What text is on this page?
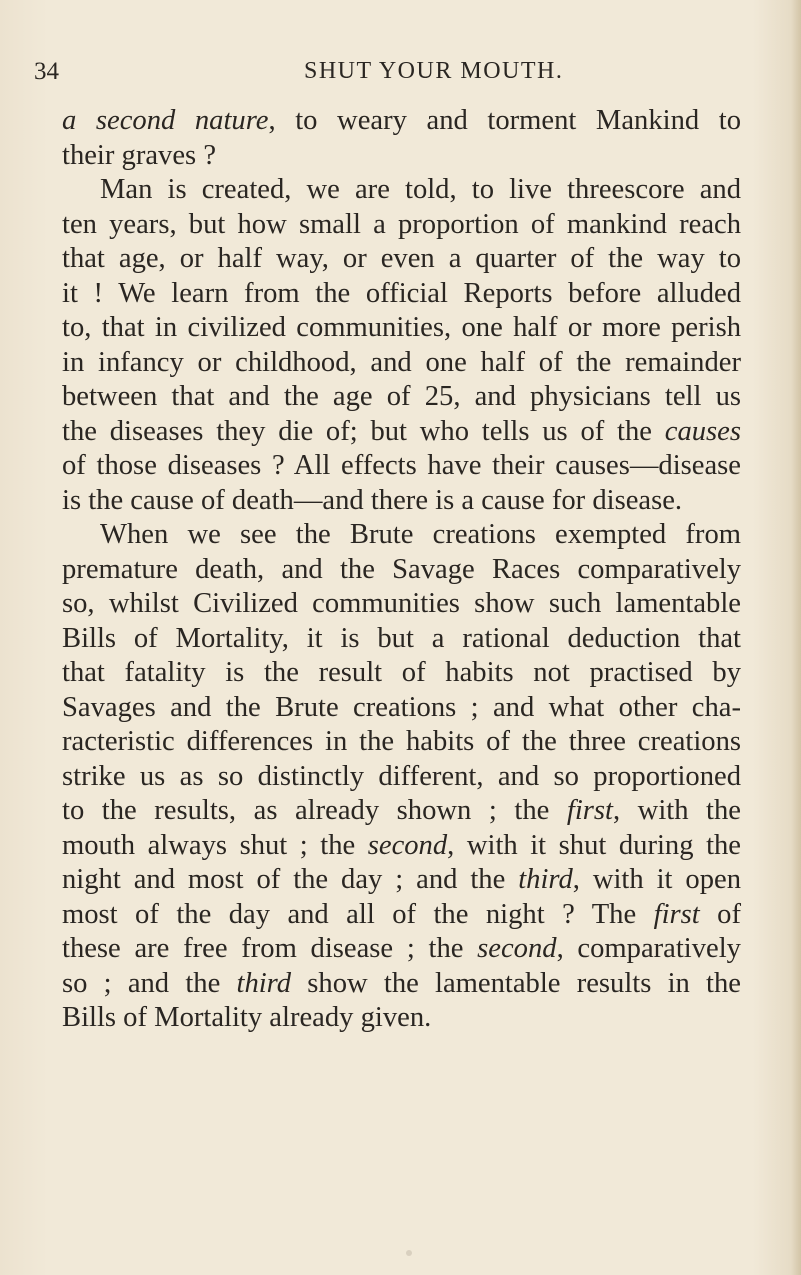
34	SHUT YOUR MOUTH.
a second nature, to weary and torment Mankind to
their graves ?
Man is created, we are told, to live threescore and
ten years, but how small a proportion of mankind reach
that age, or half way, or even a quarter of the way to
it ! We learn from the official Reports before alluded
to, that in civilized communities, one half or more perish
in infancy or childhood, and one half of the remainder
between that and the age of 25, and physicians tell us
the diseases they die of; but who tells us of the causes
of those diseases ? All effects have their causes—disease
is the cause of death—and there is a cause for disease.
When we see the Brute creations exempted from
premature death, and the Savage Races comparatively
so, whilst Civilized communities show such lamentable
Bills of Mortality, it is but a rational deduction that
that fatality is the result of habits not practised by
Savages and the Brute creations ; and what other cha-
racteristic differences in the habits of the three creations
strike us as so distinctly different, and so proportioned
to the results, as already shown ; the first, with the
mouth always shut ; the second, with it shut during the
night and most of the day ; and the third, with it open
most of the day and all of the night ? The first of
these are free from disease ; the second, comparatively
so ; and the third show the lamentable results in the
Bills of Mortality already given.
